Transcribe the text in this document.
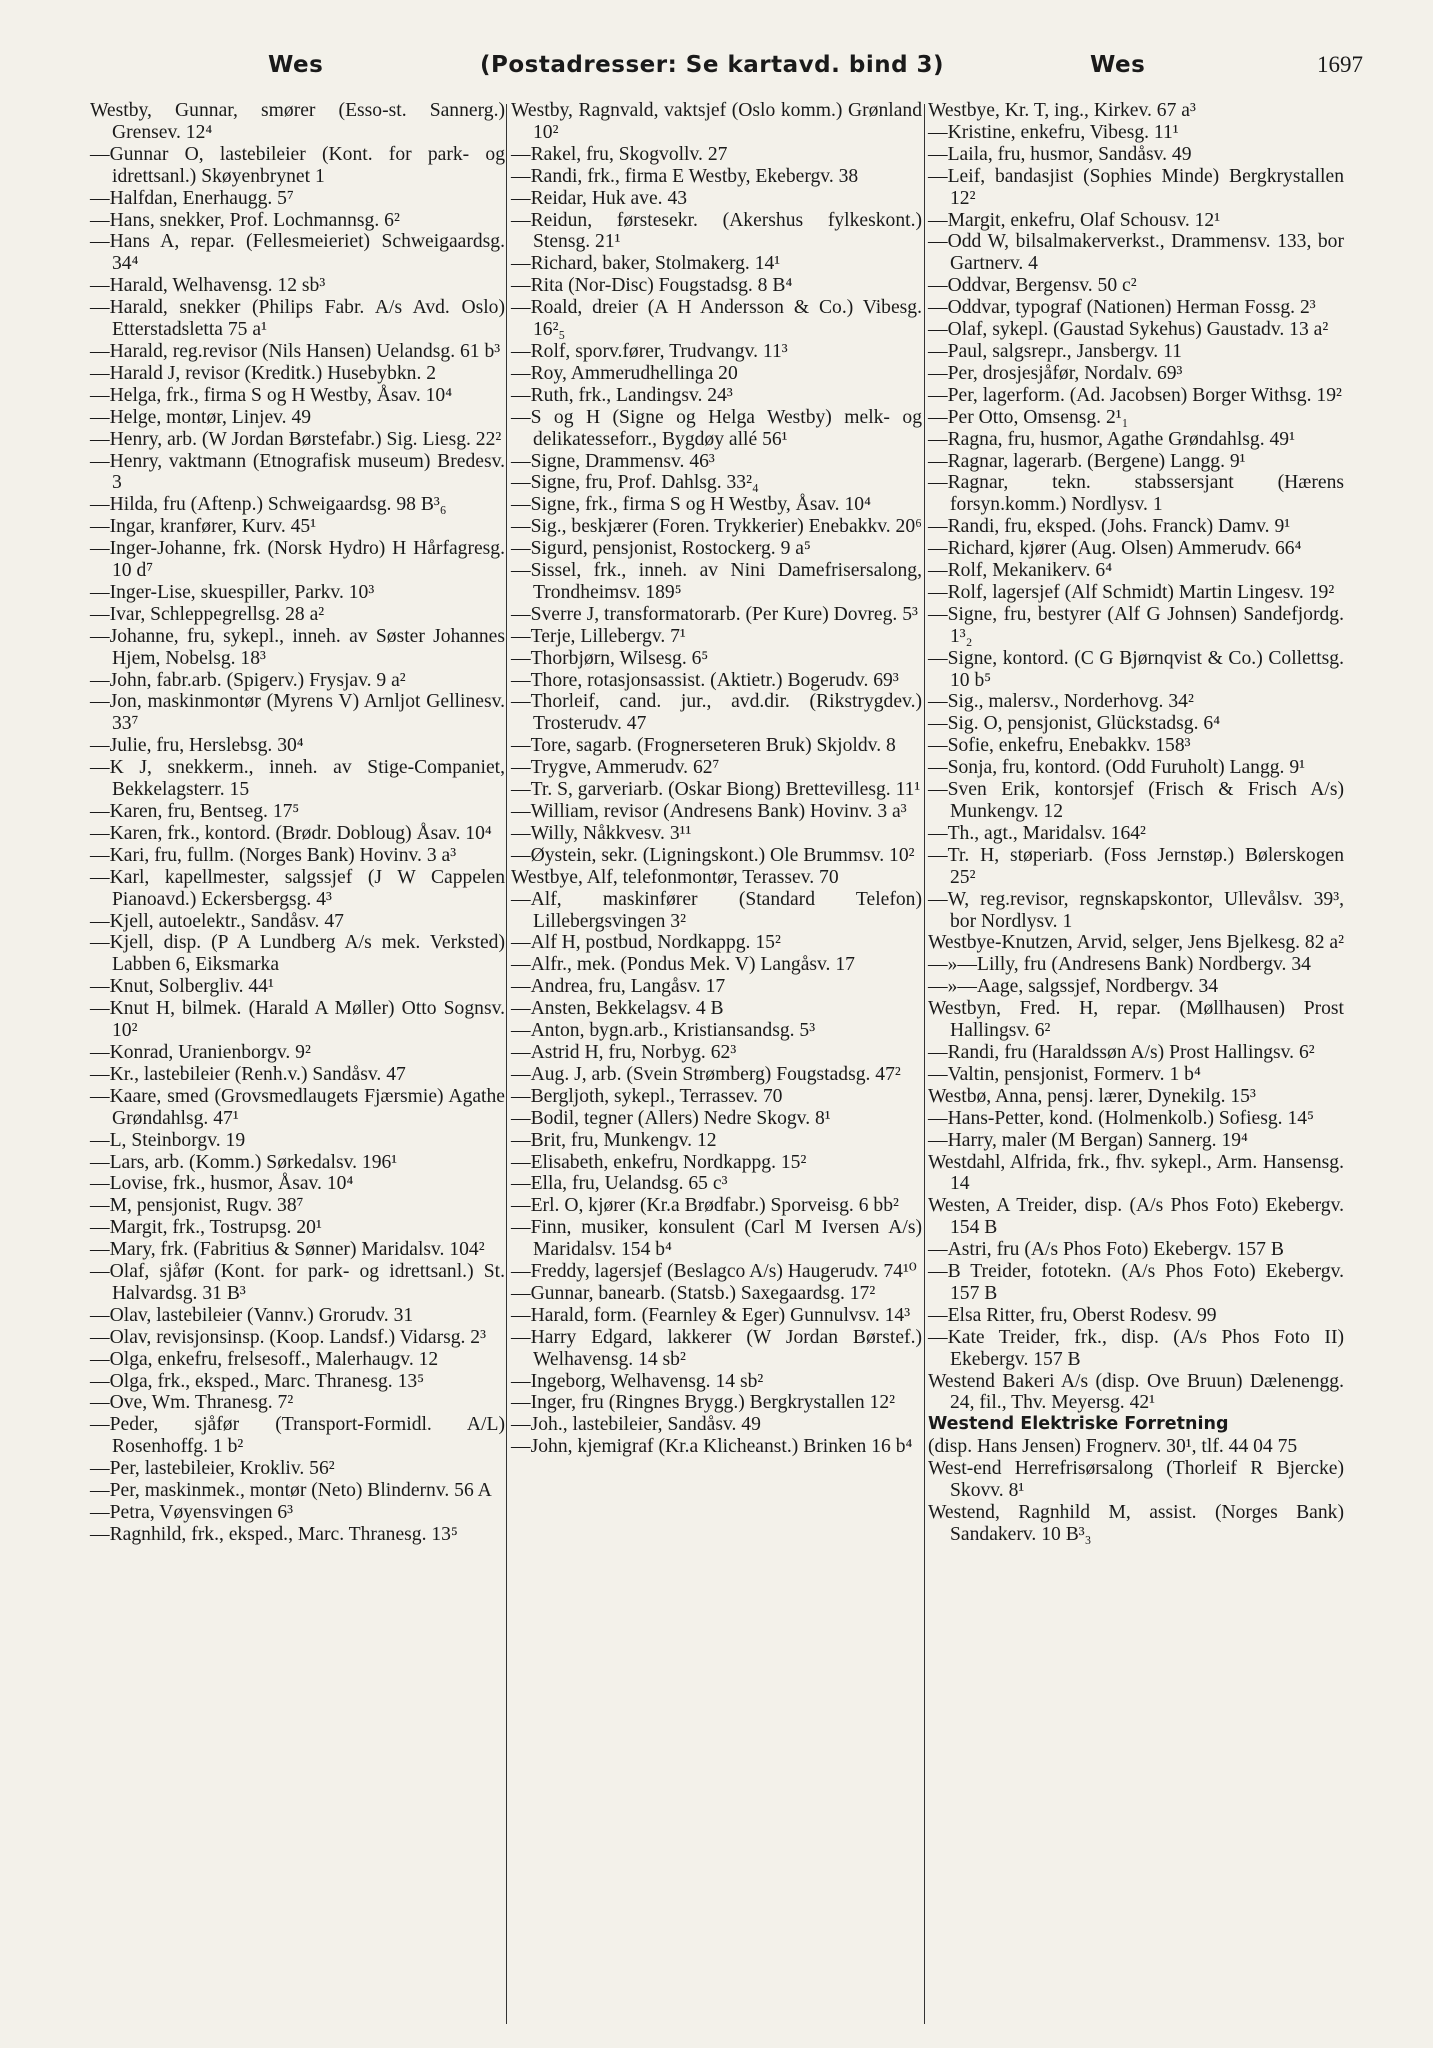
Wes	(Postadresser: Se kartavd. bind 3)	Wes	1697

Westby, Gunnar, smører (Esso-st. Sannerg.) Grensev. 12⁴

—Gunnar O, lastebileier (Kont. for park- og idrettsanl.) Skøyenbrynet 1

—Halfdan, Enerhaugg. 5⁷

—Hans, snekker, Prof. Lochmannsg. 6²

—Hans A, repar. (Fellesmeieriet) Schweigaardsg. 34⁴

—Harald, Welhavensg. 12 sb³

—Harald, snekker (Philips Fabr. A/s Avd. Oslo) Etterstadsletta 75 a¹

—Harald, reg.revisor (Nils Hansen) Uelandsg. 61 b³

—Harald J, revisor (Kreditk.) Husebybkn. 2

—Helga, frk., firma S og H Westby, Åsav. 10⁴

—Helge, montør, Linjev. 49

—Henry, arb. (W Jordan Børstefabr.) Sig. Liesg. 22²

—Henry, vaktmann (Etnografisk museum) Bredesv. 3

—Hilda, fru (Aftenp.) Schweigaardsg. 98 B³₆

—Ingar, kranfører, Kurv. 45¹

—Inger-Johanne, frk. (Norsk Hydro) H Hårfagresg. 10 d⁷

—Inger-Lise, skuespiller, Parkv. 10³

—Ivar, Schleppegrellsg. 28 a²

—Johanne, fru, sykepl., inneh. av Søster Johannes Hjem, Nobelsg. 18³

—John, fabr.arb. (Spigerv.) Frysjav. 9 a²

—Jon, maskinmontør (Myrens V) Arnljot Gellinesv. 33⁷

—Julie, fru, Herslebsg. 30⁴

—K J, snekkerm., inneh. av Stige-Companiet, Bekkelagsterr. 15

—Karen, fru, Bentseg. 17⁵

—Karen, frk., kontord. (Brødr. Dobloug) Åsav. 10⁴

—Kari, fru, fullm. (Norges Bank) Hovinv. 3 a³

—Karl, kapellmester, salgssjef (J W Cappelen Pianoavd.) Eckersbergsg. 4³

—Kjell, autoelektr., Sandåsv. 47

—Kjell, disp. (P A Lundberg A/s mek. Verksted) Labben 6, Eiksmarka

—Knut, Solbergliv. 44¹

—Knut H, bilmek. (Harald A Møller) Otto Sognsv. 10²

—Konrad, Uranienborgv. 9²

—Kr., lastebileier (Renh.v.) Sandåsv. 47

—Kaare, smed (Grovsmedlaugets Fjærsmie) Agathe Grøndahlsg. 47¹

—L, Steinborgv. 19

—Lars, arb. (Komm.) Sørkedalsv. 196¹

—Lovise, frk., husmor, Åsav. 10⁴

—M, pensjonist, Rugv. 38⁷

—Margit, frk., Tostrupsg. 20¹

—Mary, frk. (Fabritius & Sønner) Maridalsv. 104²

—Olaf, sjåfør (Kont. for park- og idrettsanl.) St. Halvardsg. 31 B³

—Olav, lastebileier (Vannv.) Grorudv. 31

—Olav, revisjonsinsp. (Koop. Landsf.) Vidarsg. 2³

—Olga, enkefru, frelsesoff., Malerhaugv. 12

—Olga, frk., eksped., Marc. Thranesg. 13⁵

—Ove, Wm. Thranesg. 7²

—Peder, sjåfør (Transport-Formidl. A/L) Rosenhoffg. 1 b²

—Per, lastebileier, Krokliv. 56²

—Per, maskinmek., montør (Neto) Blindernv. 56 A

—Petra, Vøyensvingen 6³

—Ragnhild, frk., eksped., Marc. Thranesg. 13⁵

Westby, Ragnvald, vaktsjef (Oslo komm.) Grønland 10²

—Rakel, fru, Skogvollv. 27

—Randi, frk., firma E Westby, Ekebergv. 38

—Reidar, Huk ave. 43

—Reidun, førstesekr. (Akershus fylkeskont.) Stensg. 21¹

—Richard, baker, Stolmakerg. 14¹

—Rita (Nor-Disc) Fougstadsg. 8 B⁴

—Roald, dreier (A H Andersson & Co.) Vibesg. 16²₅

—Rolf, sporv.fører, Trudvangv. 11³

—Roy, Ammerudhellinga 20

—Ruth, frk., Landingsv. 24³

—S og H (Signe og Helga Westby) melk- og delikatesseforr., Bygdøy allé 56¹

—Signe, Drammensv. 46³

—Signe, fru, Prof. Dahlsg. 33²₄

—Signe, frk., firma S og H Westby, Åsav. 10⁴

—Sig., beskjærer (Foren. Trykkerier) Enebakkv. 20⁶

—Sigurd, pensjonist, Rostockerg. 9 a⁵

—Sissel, frk., inneh. av Nini Damefrisersalong, Trondheimsv. 189⁵

—Sverre J, transformatorarb. (Per Kure) Dovreg. 5³

—Terje, Lillebergv. 7¹

—Thorbjørn, Wilsesg. 6⁵

—Thore, rotasjonsassist. (Aktietr.) Bogerudv. 69³

—Thorleif, cand. jur., avd.dir. (Rikstrygdev.) Trosterudv. 47

—Tore, sagarb. (Frognerseteren Bruk) Skjoldv. 8

—Trygve, Ammerudv. 62⁷

—Tr. S, garveriarb. (Oskar Biong) Brettevillesg. 11¹

—William, revisor (Andresens Bank) Hovinv. 3 a³

—Willy, Nåkkvesv. 3¹¹

—Øystein, sekr. (Ligningskont.) Ole Brummsv. 10²

Westbye, Alf, telefonmontør, Terassev. 70

—Alf, maskinfører (Standard Telefon) Lillebergsvingen 3²

—Alf H, postbud, Nordkappg. 15²

—Alfr., mek. (Pondus Mek. V) Langåsv. 17

—Andrea, fru, Langåsv. 17

—Ansten, Bekkelagsv. 4 B

—Anton, bygn.arb., Kristiansandsg. 5³

—Astrid H, fru, Norbyg. 62³

—Aug. J, arb. (Svein Strømberg) Fougstadsg. 47²

—Bergljoth, sykepl., Terrassev. 70

—Bodil, tegner (Allers) Nedre Skogv. 8¹

—Brit, fru, Munkengv. 12

—Elisabeth, enkefru, Nordkappg. 15²

—Ella, fru, Uelandsg. 65 c³

—Erl. O, kjører (Kr.a Brødfabr.) Sporveisg. 6 bb²

—Finn, musiker, konsulent (Carl M Iversen A/s) Maridalsv. 154 b⁴

—Freddy, lagersjef (Beslagco A/s) Haugerudv. 74¹⁰

—Gunnar, banearb. (Statsb.) Saxegaardsg. 17²

—Harald, form. (Fearnley & Eger) Gunnulvsv. 14³

—Harry Edgard, lakkerer (W Jordan Børstef.) Welhavensg. 14 sb²

—Ingeborg, Welhavensg. 14 sb²

—Inger, fru (Ringnes Brygg.) Bergkrystallen 12²

—Joh., lastebileier, Sandåsv. 49

—John, kjemigraf (Kr.a Klicheanst.) Brinken 16 b⁴

Westbye, Kr. T, ing., Kirkev. 67 a³

—Kristine, enkefru, Vibesg. 11¹

—Laila, fru, husmor, Sandåsv. 49

—Leif, bandasjist (Sophies Minde) Bergkrystallen 12²

—Margit, enkefru, Olaf Schousv. 12¹

—Odd W, bilsalmakerverkst., Drammensv. 133, bor Gartnerv. 4

—Oddvar, Bergensv. 50 c²

—Oddvar, typograf (Nationen) Herman Fossg. 2³

—Olaf, sykepl. (Gaustad Sykehus) Gaustadv. 13 a²

—Paul, salgsrepr., Jansbergv. 11

—Per, drosjesjåfør, Nordalv. 69³

—Per, lagerform. (Ad. Jacobsen) Borger Withsg. 19²

—Per Otto, Omsensg. 2¹₁

—Ragna, fru, husmor, Agathe Grøndahlsg. 49¹

—Ragnar, lagerarb. (Bergene) Langg. 9¹

—Ragnar, tekn. stabssersjant (Hærens forsyn.komm.) Nordlysv. 1

—Randi, fru, eksped. (Johs. Franck) Damv. 9¹

—Richard, kjører (Aug. Olsen) Ammerudv. 66⁴

—Rolf, Mekanikerv. 6⁴

—Rolf, lagersjef (Alf Schmidt) Martin Lingesv. 19²

—Signe, fru, bestyrer (Alf G Johnsen) Sandefjordg. 1³₂

—Signe, kontord. (C G Bjørnqvist & Co.) Collettsg. 10 b⁵

—Sig., malersv., Norderhovg. 34²

—Sig. O, pensjonist, Glückstadsg. 6⁴

—Sofie, enkefru, Enebakkv. 158³

—Sonja, fru, kontord. (Odd Furuholt) Langg. 9¹

—Sven Erik, kontorsjef (Frisch & Frisch A/s) Munkengv. 12

—Th., agt., Maridalsv. 164²

—Tr. H, støperiarb. (Foss Jernstøp.) Bølerskogen 25²

—W, reg.revisor, regnskapskontor, Ullevålsv. 39³, bor Nordlysv. 1

Westbye-Knutzen, Arvid, selger, Jens Bjelkesg. 82 a²

—»—Lilly, fru (Andresens Bank) Nordbergv. 34

—»—Aage, salgssjef, Nordbergv. 34

Westbyn, Fred. H, repar. (Møllhausen) Prost Hallingsv. 6²

—Randi, fru (Haraldssøn A/s) Prost Hallingsv. 6²

—Valtin, pensjonist, Formerv. 1 b⁴

Westbø, Anna, pensj. lærer, Dynekilg. 15³

—Hans-Petter, kond. (Holmenkolb.) Sofiesg. 14⁵

—Harry, maler (M Bergan) Sannerg. 19⁴

Westdahl, Alfrida, frk., fhv. sykepl., Arm. Hansensg. 14

Westen, A Treider, disp. (A/s Phos Foto) Ekebergv. 154 B

—Astri, fru (A/s Phos Foto) Ekebergv. 157 B

—B Treider, fototekn. (A/s Phos Foto) Ekebergv. 157 B

—Elsa Ritter, fru, Oberst Rodesv. 99

—Kate Treider, frk., disp. (A/s Phos Foto II) Ekebergv. 157 B

Westend Bakeri A/s (disp. Ove Bruun) Dælenengg. 24, fil., Thv. Meyersg. 42¹

Westend Elektriske Forretning

(disp. Hans Jensen) Frognerv. 30¹, tlf. 44 04 75

West-end Herrefrisørsalong (Thorleif R Bjercke) Skovv. 8¹

Westend, Ragnhild M, assist. (Norges Bank) Sandakerv. 10 B³₃
